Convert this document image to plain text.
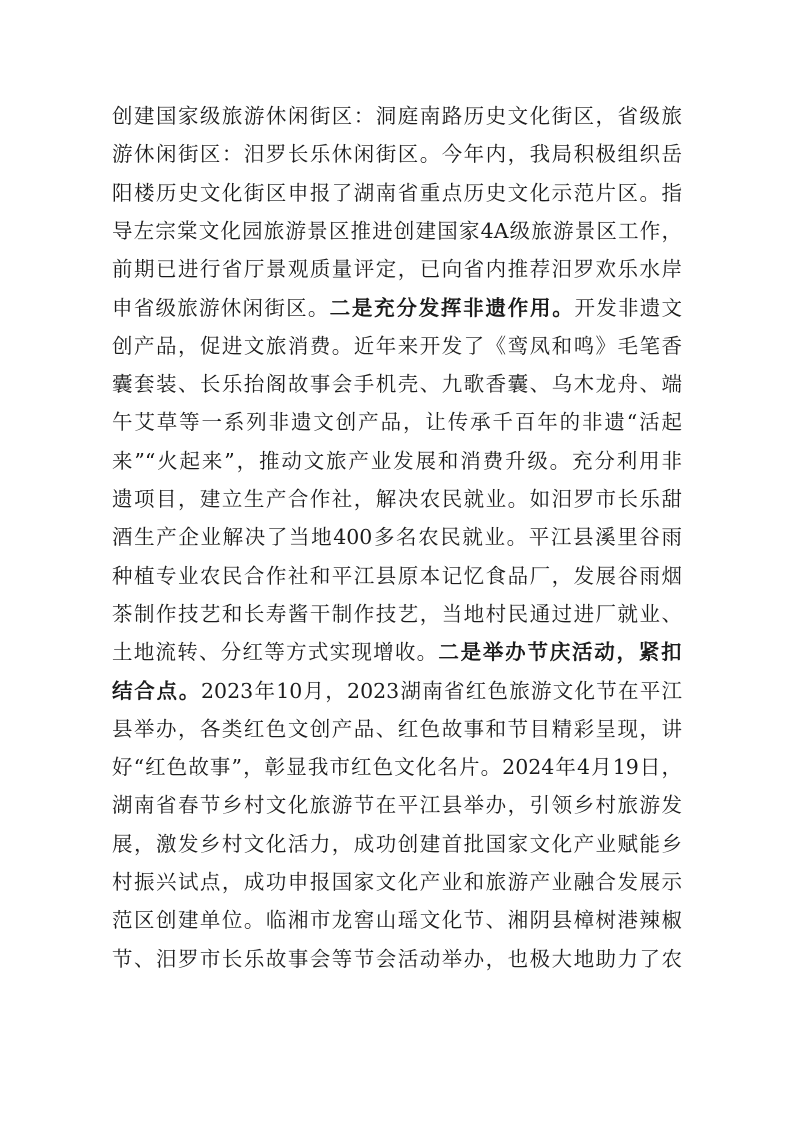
创建国家级旅游休闲街区：洞庭南路历史文化街区，省级旅
游休闲街区：汨罗长乐休闲街区。今年内，我局积极组织岳
阳楼历史文化街区申报了湖南省重点历史文化示范片区。指
导左宗棠文化园旅游景区推进创建国家4A级旅游景区工作，
前期已进行省厅景观质量评定，已向省内推荐汨罗欢乐水岸
申省级旅游休闲街区。二是充分发挥非遗作用。开发非遗文
创产品，促进文旅消费。近年来开发了《鸾凤和鸣》毛笔香
囊套装、长乐抬阁故事会手机壳、九歌香囊、乌木龙舟、端
午艾草等一系列非遗文创产品，让传承千百年的非遗“活起
来”“火起来”，推动文旅产业发展和消费升级。充分利用非
遗项目，建立生产合作社，解决农民就业。如汨罗市长乐甜
酒生产企业解决了当地400多名农民就业。平江县溪里谷雨
种植专业农民合作社和平江县原本记忆食品厂，发展谷雨烟
茶制作技艺和长寿酱干制作技艺，当地村民通过进厂就业、
土地流转、分红等方式实现增收。二是举办节庆活动，紧扣
结合点。2023年10月，2023湖南省红色旅游文化节在平江
县举办，各类红色文创产品、红色故事和节目精彩呈现，讲
好“红色故事”，彰显我市红色文化名片。2024年4月19日，
湖南省春节乡村文化旅游节在平江县举办，引领乡村旅游发
展，激发乡村文化活力，成功创建首批国家文化产业赋能乡
村振兴试点，成功申报国家文化产业和旅游产业融合发展示
范区创建单位。临湘市龙窖山瑶文化节、湘阴县樟树港辣椒
节、汨罗市长乐故事会等节会活动举办，也极大地助力了农
